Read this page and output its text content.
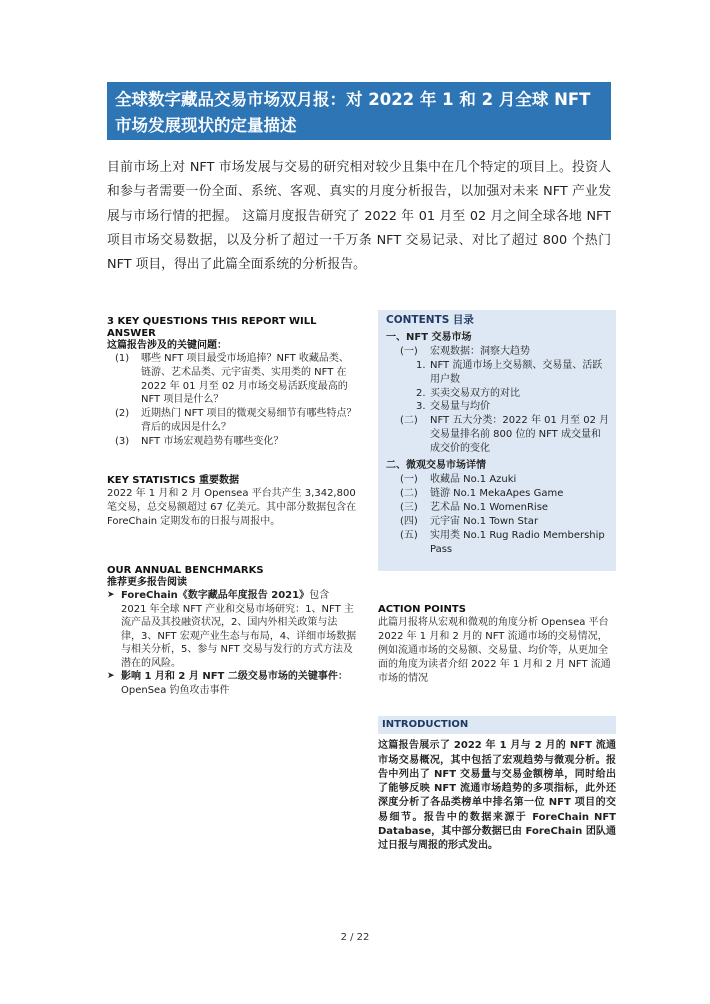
全球数字藏品交易市场双月报：对 2022 年 1 和 2 月全球 NFT 市场发展现状的定量描述
目前市场上对 NFT 市场发展与交易的研究相对较少且集中在几个特定的项目上。投资人和参与者需要一份全面、系统、客观、真实的月度分析报告，以加强对未来 NFT 产业发展与市场行情的把握。 这篇月度报告研究了 2022 年 01 月至 02 月之间全球各地 NFT 项目市场交易数据，以及分析了超过一千万条 NFT 交易记录、对比了超过 800 个热门 NFT 项目，得出了此篇全面系统的分析报告。
3 KEY QUESTIONS THIS REPORT WILL ANSWER
这篇报告涉及的关键问题：
(1)	哪些 NFT 项目最受市场追捧？NFT 收藏品类、链游、艺术品类、元宇宙类、实用类的 NFT 在 2022 年 01 月至 02 月市场交易活跃度最高的 NFT 项目是什么？
(2)	近期热门 NFT 项目的微观交易细节有哪些特点？背后的成因是什么？
(3)	NFT 市场宏观趋势有哪些变化？
KEY STATISTICS 重要数据
2022 年 1 月和 2 月 Opensea 平台共产生 3,342,800 笔交易，总交易额超过 67 亿美元。其中部分数据包含在 ForeChain 定期发布的日报与周报中。
OUR ANNUAL BENCHMARKS
推荐更多报告阅读
➤ ForeChain《数字藏品年度报告 2021》包含 2021 年全球 NFT 产业和交易市场研究：1、NFT 主流产品及其投融资状况，2、国内外相关政策与法律，3、NFT 宏观产业生态与布局，4、详细市场数据与相关分析，5、参与 NFT 交易与发行的方式方法及潜在的风险。
➤ 影响 1 月和 2 月 NFT 二级交易市场的关键事件：
OpenSea 钓鱼攻击事件
CONTENTS 目录
一、 NFT 交易市场
(一)	宏观数据：洞察大趋势
1. NFT 流通市场上交易额、交易量、活跃用户数
2. 买卖交易双方的对比
3. 交易量与均价
(二)	NFT 五大分类：2022 年 01 月至 02 月交易量排名前 800 位的 NFT 成交量和成交价的变化
二、 微观交易市场详情
(一)	收藏品 No.1 Azuki
(二)	链游 No.1 MekaApes Game
(三)	艺术品 No.1 WomenRise
(四)	元宇宙 No.1 Town Star
(五)	实用类 No.1 Rug Radio Membership Pass
ACTION POINTS
此篇月报将从宏观和微观的角度分析 Opensea 平台 2022 年 1 月和 2 月的 NFT 流通市场的交易情况，例如流通市场的交易额、交易量、均价等，从更加全面的角度为读者介绍 2022 年 1 月和 2 月 NFT 流通市场的情况
INTRODUCTION
这篇报告展示了 2022 年 1 月与 2 月的 NFT 流通市场交易概况，其中包括了宏观趋势与微观分析。报告中列出了 NFT 交易量与交易金额榜单，同时给出了能够反映 NFT 流通市场趋势的多项指标，此外还深度分析了各品类榜单中排名第一位 NFT 项目的交易细节。报告中的数据来源于 ForeChain NFT Database，其中部分数据已由 ForeChain 团队通过日报与周报的形式发出。
2 / 22
